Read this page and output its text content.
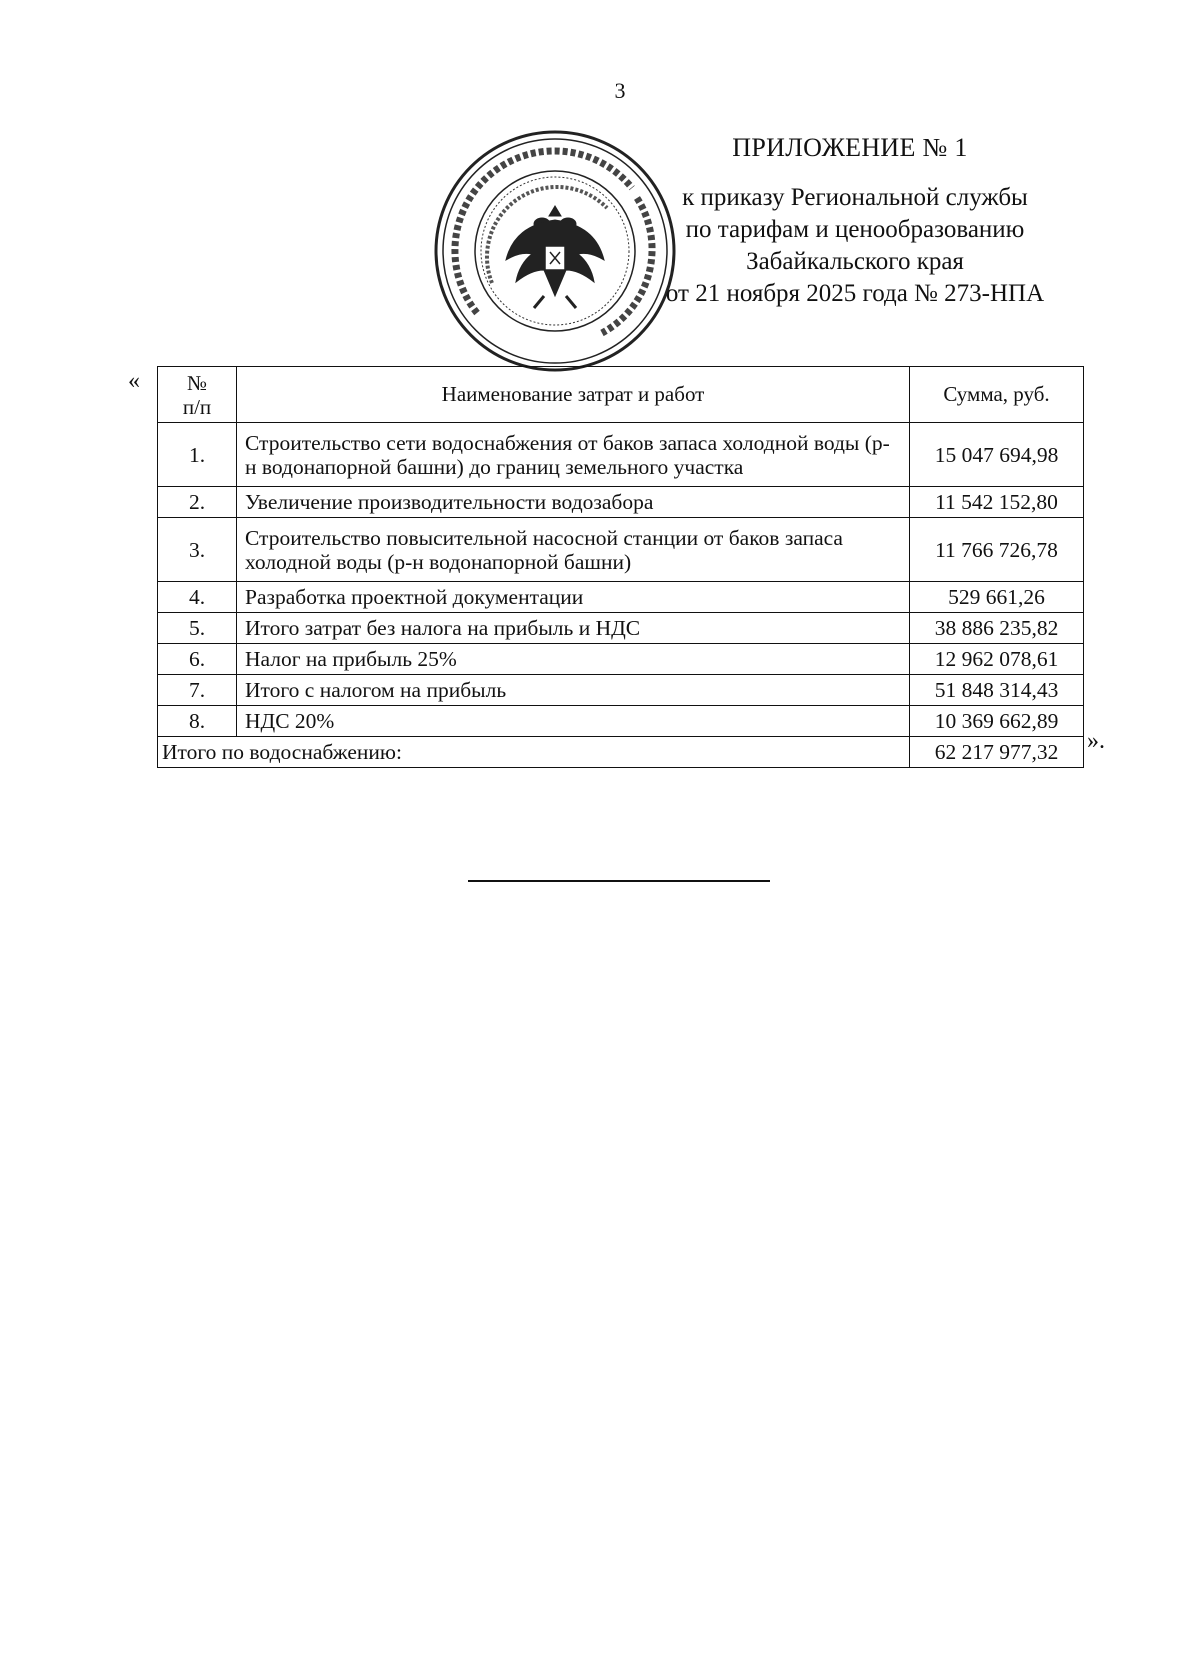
3
ПРИЛОЖЕНИЕ № 1
к приказу Региональной службы
по тарифам и ценообразованию
Забайкальского края
от 21 ноября 2025 года № 273-НПА
« №
п/п	Наименование затрат и работ	Сумма, руб.
1.	Строительство сети водоснабжения от баков запаса холодной воды (р-н водонапорной башни) до границ земельного участка	15 047 694,98
2.	Увеличение производительности водозабора	11 542 152,80
3.	Строительство повысительной насосной станции от баков запаса холодной воды (р-н водонапорной башни)	11 766 726,78
4.	Разработка проектной документации	529 661,26
5.	Итого затрат без налога на прибыль и НДС	38 886 235,82
6.	Налог на прибыль 25%	12 962 078,61
7.	Итого с налогом на прибыль	51 848 314,43
8.	НДС 20%	10 369 662,89
Итого по водоснабжению:		62 217 977,32 ».
